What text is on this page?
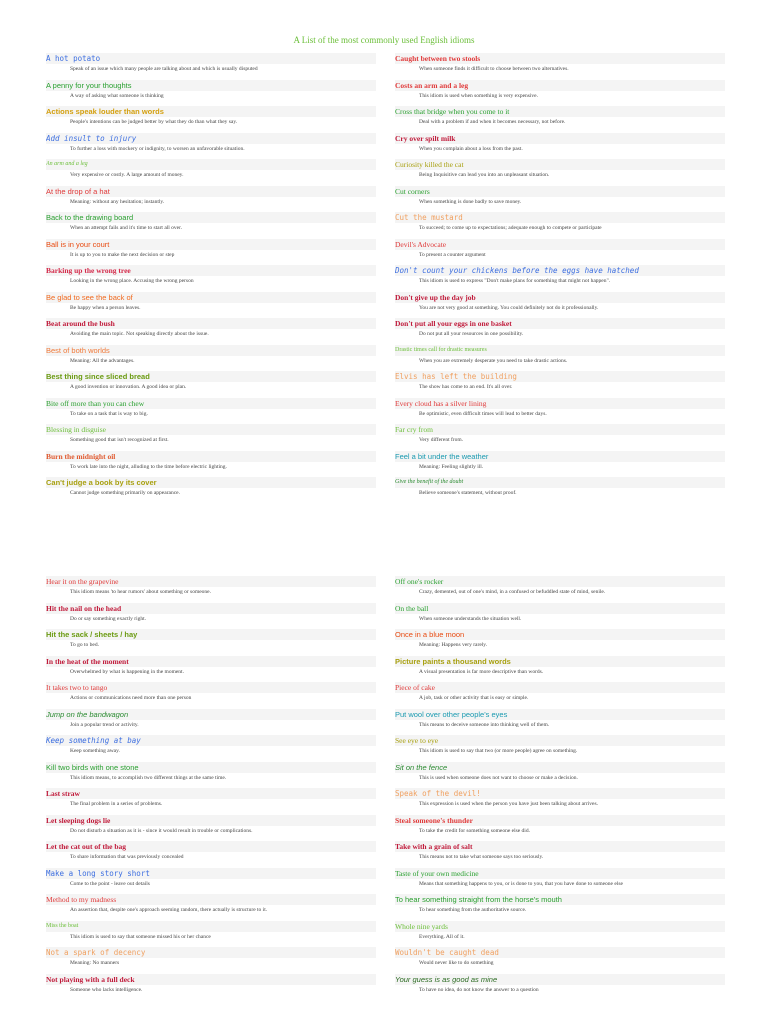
A List of the most commonly used English idioms
A hot potato
Speak of an issue which many people are talking about and which is usually disputed
A penny for your thoughts
A way of asking what someone is thinking
Actions speak louder than words
People's intentions can be judged better by what they do than what they say.
Add insult to injury
To further a loss with mockery or indignity, to worsen an unfavorable situation.
An arm and a leg
Very expensive or costly. A large amount of money.
At the drop of a hat
Meaning: without any hesitation; instantly.
Back to the drawing board
When an attempt fails and it's time to start all over.
Ball is in your court
It is up to you to make the next decision or step
Barking up the wrong tree
Looking in the wrong place. Accusing the wrong person
Be glad to see the back of
Be happy when a person leaves.
Beat around the bush
Avoiding the main topic. Not speaking directly about the issue.
Best of both worlds
Meaning: All the advantages.
Best thing since sliced bread
A good invention or innovation. A good idea or plan.
Bite off more than you can chew
To take on a task that is way to big.
Blessing in disguise
Something good that isn't recognized at first.
Burn the midnight oil
To work late into the night, alluding to the time before electric lighting.
Can't judge a book by its cover
Cannot judge something primarily on appearance.
Caught between two stools
When someone finds it difficult to choose between two alternatives.
Costs an arm and a leg
This idiom is used when something is very expensive.
Cross that bridge when you come to it
Deal with a problem if and when it becomes necessary, not before.
Cry over spilt milk
When you complain about a loss from the past.
Curiosity killed the cat
Being Inquisitive can lead you into an unpleasant situation.
Cut corners
When something is done badly to save money.
Cut the mustard
To succeed; to come up to expectations; adequate enough to compete or participate
Devil's Advocate
To present a counter argument
Don't count your chickens before the eggs have hatched
This idiom is used to express "Don't make plans for something that might not happen".
Don't give up the day job
You are not very good at something. You could definitely not do it professionally.
Don't put all your eggs in one basket
Do not put all your resources in one possibility.
Drastic times call for drastic measures
When you are extremely desperate you need to take drastic actions.
Elvis has left the building
The show has come to an end. It's all over.
Every cloud has a silver lining
Be optimistic, even difficult times will lead to better days.
Far cry from
Very different from.
Feel a bit under the weather
Meaning: Feeling slightly ill.
Give the benefit of the doubt
Believe someone's statement, without proof.
Hear it on the grapevine
This idiom means 'to hear rumors' about something or someone.
Hit the nail on the head
Do or say something exactly right.
Hit the sack / sheets / hay
To go to bed.
In the heat of the moment
Overwhelmed by what is happening in the moment.
It takes two to tango
Actions or communications need more than one person
Jump on the bandwagon
Join a popular trend or activity.
Keep something at bay
Keep something away.
Kill two birds with one stone
This idiom means, to accomplish two different things at the same time.
Last straw
The final problem in a series of problems.
Let sleeping dogs lie
Do not disturb a situation as it is - since it would result in trouble or complications.
Let the cat out of the bag
To share information that was previously concealed
Make a long story short
Come to the point - leave out details
Method to my madness
An assertion that, despite one's approach seeming random, there actually is structure to it.
Miss the boat
This idiom is used to say that someone missed his or her chance
Not a spark of decency
Meaning: No manners
Not playing with a full deck
Someone who lacks intelligence.
Off one's rocker
Crazy, demented, out of one's mind, in a confused or befuddled state of mind, senile.
On the ball
When someone understands the situation well.
Once in a blue moon
Meaning: Happens very rarely.
Picture paints a thousand words
A visual presentation is far more descriptive than words.
Piece of cake
A job, task or other activity that is easy or simple.
Put wool over other people's eyes
This means to deceive someone into thinking well of them.
See eye to eye
This idiom is used to say that two (or more people) agree on something.
Sit on the fence
This is used when someone does not want to choose or make a decision.
Speak of the devil!
This expression is used when the person you have just been talking about arrives.
Steal someone's thunder
To take the credit for something someone else did.
Take with a grain of salt
This means not to take what someone says too seriously.
Taste of your own medicine
Means that something happens to you, or is done to you, that you have done to someone else
To hear something straight from the horse's mouth
To hear something from the authoritative source.
Whole nine yards
Everything. All of it.
Wouldn't be caught dead
Would never like to do something
Your guess is as good as mine
To have no idea, do not know the answer to a question
